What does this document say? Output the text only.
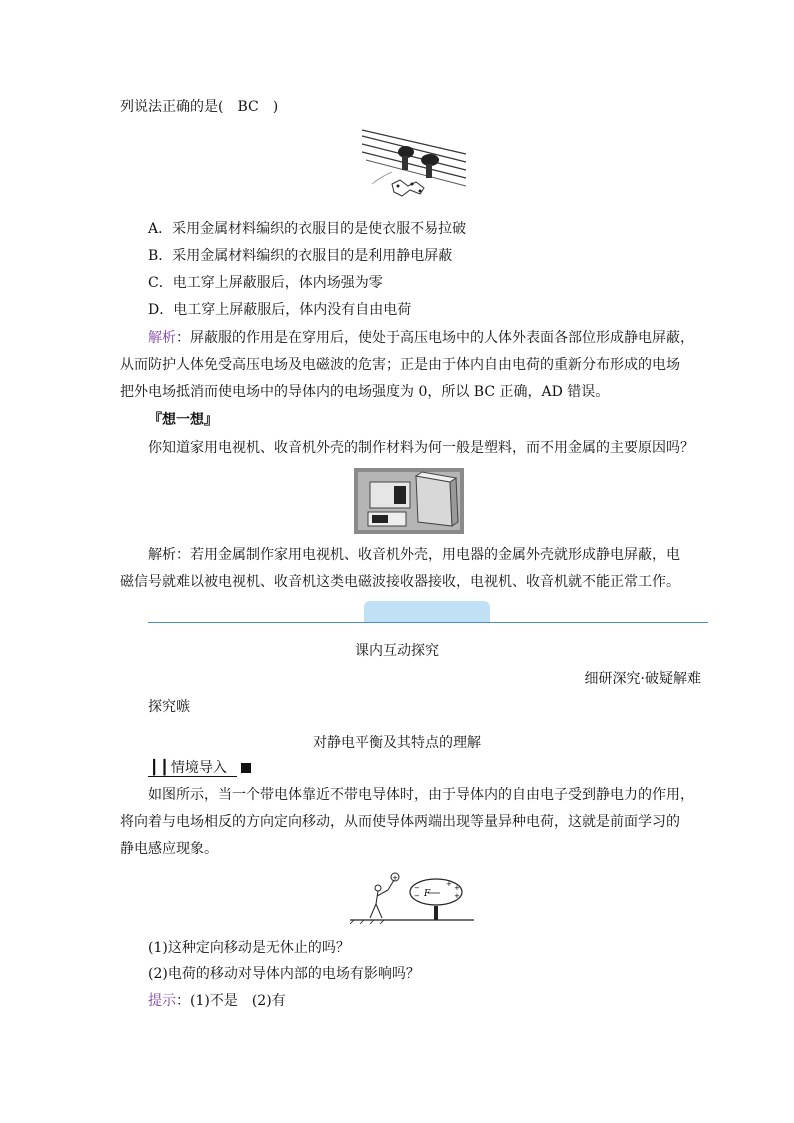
列说法正确的是(　BC　)
A．采用金属材料编织的衣服目的是使衣服不易拉破
B．采用金属材料编织的衣服目的是利用静电屏蔽
C．电工穿上屏蔽服后，体内场强为零
D．电工穿上屏蔽服后，体内没有自由电荷
解析：屏蔽服的作用是在穿用后，使处于高压电场中的人体外表面各部位形成静电屏蔽，
从而防护人体免受高压电场及电磁波的危害；正是由于体内自由电荷的重新分布形成的电场
把外电场抵消而使电场中的导体内的电场强度为 0，所以 BC 正确，AD 错误。
『想一想』
你知道家用电视机、收音机外壳的制作材料为何一般是塑料，而不用金属的主要原因吗？
解析：若用金属制作家用电视机、收音机外壳，用电器的金属外壳就形成静电屏蔽，电
磁信号就难以被电视机、收音机这类电磁波接收器接收，电视机、收音机就不能正常工作。
课内互动探究
细研深究·破疑解难
探究嗾
对静电平衡及其特点的理解
┃┃情境导入
如图所示，当一个带电体靠近不带电导体时，由于导体内的自由电子受到静电力的作用，
将向着与电场相反的方向定向移动，从而使导体两端出现等量异种电荷，这就是前面学习的
静电感应现象。
+
F
−
−
+
+
+
(1)这种定向移动是无休止的吗？
(2)电荷的移动对导体内部的电场有影响吗？
提示：(1)不是　(2)有
